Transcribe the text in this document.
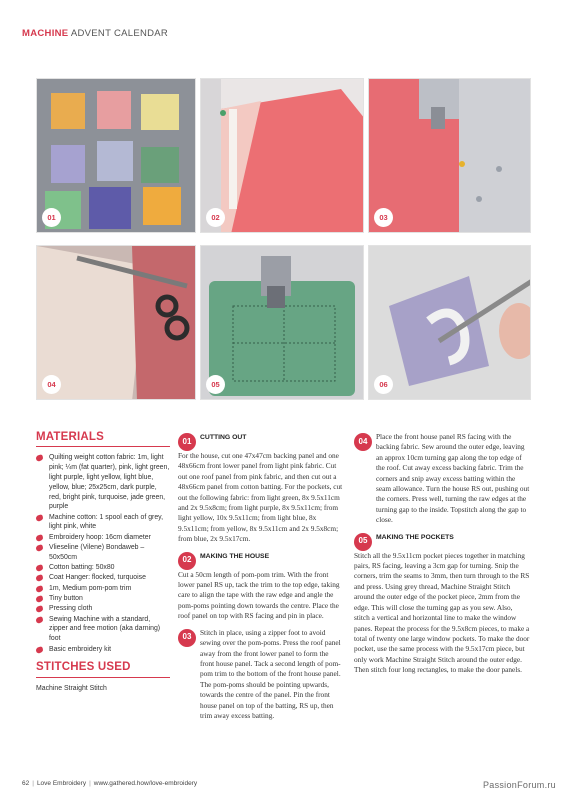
MACHINE ADVENT CALENDAR
01	02	03
04	05	06
MATERIALS
Quilting weight cotton fabric: 1m, light pink; ¼m (fat quarter), pink, light green, light purple, light yellow, light blue, yellow, blue; 25x25cm, dark purple, red, bright pink, turquoise, jade green, purple
Machine cotton: 1 spool each of grey, light pink, white
Embroidery hoop: 16cm diameter
Vlieseline (Vilene) Bondaweb – 50x50cm
Cotton batting: 50x80
Coat Hanger: flocked, turquoise
1m, Medium pom-pom trim
Tiny button
Pressing cloth
Sewing Machine with a standard, zipper and free motion (aka darning) foot
Basic embroidery kit
STITCHES USED
Machine Straight Stitch
01	CUTTING OUT
For the house, cut one 47x47cm backing panel and one 48x66cm front lower panel from light pink fabric. Cut out one roof panel from pink fabric, and then cut out a 48x66cm panel from cotton batting. For the pockets, cut out the following fabric: from light green, 8x 9.5x11cm and 2x 9.5x8cm; from light purple, 8x 9.5x11cm; from light yellow, 10x 9.5x11cm; from light blue, 8x 9.5x11cm; from yellow, 8x 9.5x11cm and 2x 9.5x8cm; from blue, 2x 9.5x17cm.
02	MAKING THE HOUSE
Cut a 50cm length of pom-pom trim. With the front lower panel RS up, tack the trim to the top edge, taking care to align the tape with the raw edge and angle the pom-poms pointing down towards the centre. Place the roof panel on top with RS facing and pin in place.
03
Stitch in place, using a zipper foot to avoid sewing over the pom-poms. Press the roof panel away from the front lower panel to form the front house panel. Tack a second length of pom-pom trim to the bottom of the front house panel. The pom-poms should be pointing upwards, towards the centre of the panel. Pin the front house panel on top of the batting, RS up, then trim away excess batting.
04
Place the front house panel RS facing with the backing fabric. Sew around the outer edge, leaving an approx 10cm turning gap along the top edge of the roof. Cut away excess backing fabric. Trim the corners and snip away excess batting within the seam allowance. Turn the house RS out, pushing out the corners. Press well, turning the raw edges at the turning gap to the inside. Topstitch along the gap to close.
05	MAKING THE POCKETS
Stitch all the 9.5x11cm pocket pieces together in matching pairs, RS facing, leaving a 3cm gap for turning. Snip the corners, trim the seams to 3mm, then turn through to the RS and press. Using grey thread, Machine Straight Stitch around the outer edge of the pocket piece, 2mm from the edge. This will close the turning gap as you sew. Also, stitch a vertical and horizontal line to make the window panes. Repeat the process for the 9.5x8cm pieces, to make a total of twenty one large window pockets. To make the door pocket, use the same process with the 9.5x17cm piece, but only work Machine Straight Stitch around the outer edge. Then stitch four long rectangles, to make the door panels.
62 | Love Embroidery | www.gathered.how/love-embroidery	PassionForum.ru
